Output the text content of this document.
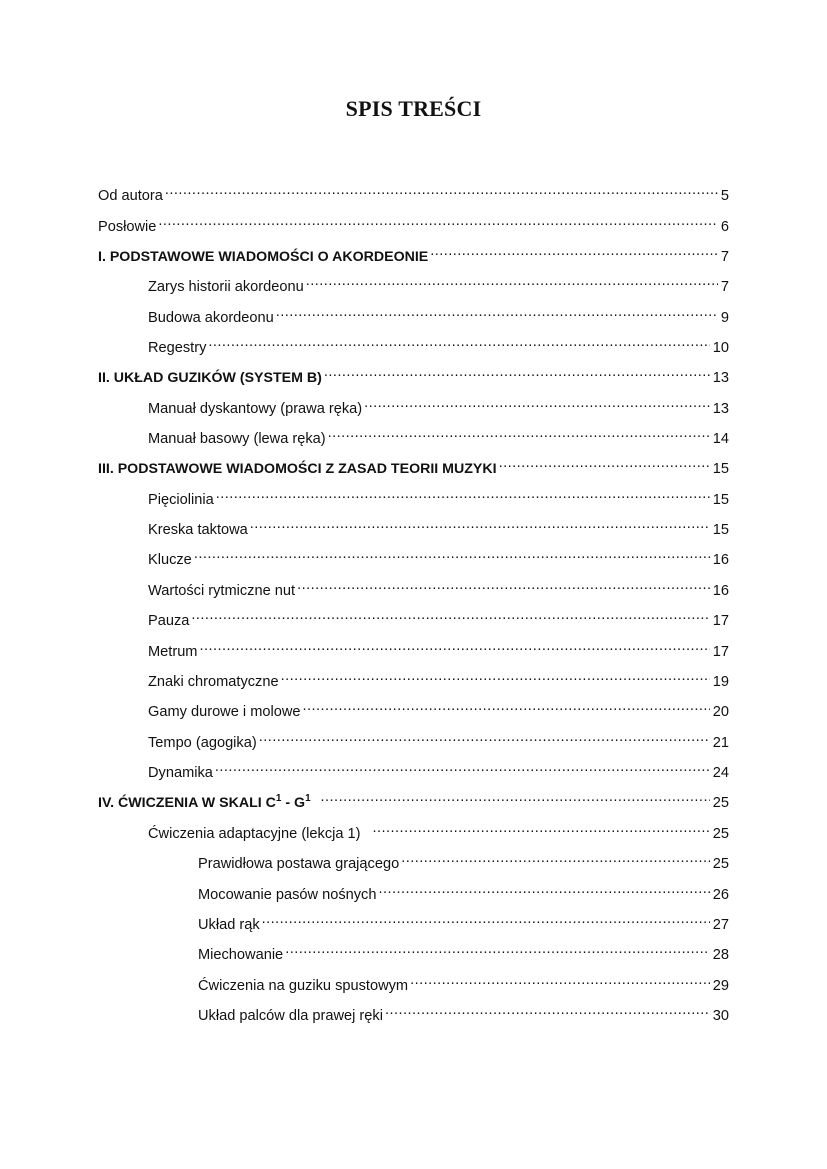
SPIS TREŚCI
Od autora .....	5
Posłowie .....	6
I. PODSTAWOWE WIADOMOŚCI O AKORDEONIE .....	7
Zarys historii akordeonu .....	7
Budowa akordeonu .....	9
Regestry .....	10
II. UKŁAD GUZIKÓW (SYSTEM B) .....	13
Manuał dyskantowy (prawa ręka) .....	13
Manuał basowy (lewa ręka) .....	14
III. PODSTAWOWE WIADOMOŚCI Z ZASAD TEORII MUZYKI .....	15
Pięciolinia .....	15
Kreska taktowa .....	15
Klucze .....	16
Wartości rytmiczne nut .....	16
Pauza .....	17
Metrum .....	17
Znaki chromatyczne .....	19
Gamy durowe i molowe .....	20
Tempo (agogika) .....	21
Dynamika .....	24
IV. ĆWICZENIA W SKALI $C^1 - G^1$ .....	25
Ćwiczenia adaptacyjne (lekcja 1) .....	25
Prawidłowa postawa grającego .....	25
Mocowanie pasów nośnych .....	26
Układ rąk .....	27
Miechowanie .....	28
Ćwiczenia na guziku spustowym .....	29
Układ palców dla prawej ręki .....	30
